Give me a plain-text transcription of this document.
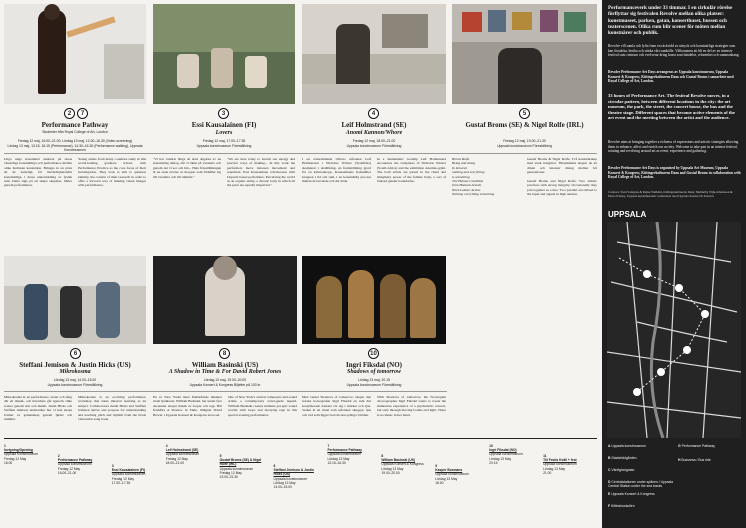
2	7	3	4	5
Performance Pathway
Studenter från Royal College of Art, London
Essi Kausalainen (FI)
Lovers
Leif Holmstrand (SE)
Anomi Kannon/Whore
Gustaf Broms (SE) & Nigel Rolfe (IRL)
Fredag 12 maj, 16.00–21.00; Lördag 13 maj, 12.00–16.30 (Video screening)
Lördag 13 maj, 13.15, 16.15 (Performance); 14.30–16.30 (Performance walking), Uppsala Konstmuseum
Fredag 12 maj, 17.00–17.35
Uppsala konstmuseum Föreställning
Fredag 12 maj, 18.00–21.00
Uppsala konstmuseum Föreställning
Fredag 12 maj, 19.00–21.30
Uppsala konstmuseum Föreställning
Unga unga konstnärer studerar på deras väsentliga konstnärliga och performance mellan olika Kulturen konstnärer. Bringas in en plats att de naturligt, för likvärdighetsfulla konstnärliga, i deras undersökning av fysisk rum. Detta sägs på att skapa skapelse, bilder genom performance.
Young artists from many countries study in this world-leading graduate school, with Performance Practice as the core focus of their investigation. They look to aim to question identity, the context of their research in order to offer a forward way of making visual images with performance.
"Vi har vandrat längs de sista dagarna av en konstnärlig dialog, där vi tänkt på varandra och genom det vi ser och hör... Hela föreställningen är en enda rörelse av kroppar som förhåller sig till varandra och till rummet."
"We are here today to stretch our energy and practice ways of making... In this work the performers move between movement and repetition. Essi Kausalainen collaborates with Uppsala based performers. Perceiving the world as an organic entity, a chaotic body in which all the parts are equally important."
I en scharamänisk tillvaro utforskar Leif Holmstrand i Nicholas Wicker (Sydafrika) skulpturer i utställning, en framställning gjord för en kvinnokropp. Kausalainens framställer kroppen i tid och rum, i en konstnärlig process mellan det levande och det döda.
In a shamanistic worship Leif Holmstrand encounters the sculptures of Nicholas Wicker (South Africa) and the exhibition Anomia-syphi. The both artists are joined in the ritual and imaginary power of the female body, a sort of blurred gender boundaries.
Broms Rolfe
Being and doing
In between
nothing and everything
is something
The Human Condition
from Hannah Arendt
Work Labour Action
Nothing everything something
Gustaf Broms & Nigel Rolfe. Två konstnärskap med stark integritet. Tillsammans skapar de en direkt och intensiv dialog mellan två generationer.

Gustaf Broms and Nigel Rolfe. Two artistic practices with strong integrity. Occasionally they join together as a duo. Two parallel acts mixed to the input and appeal in high tension.
6	8	10
Steffani Jemison & Justin Hicks (US)
Mikrokosma
William Basinski (US)
A Shadow in Time & For David Robert Jones
Ingri Fiksdal (NO)
Shadows of tomorrow
Lördag 13 maj, 14.00–15.00
Uppsala konstmuseum Föreställning
Lördag 13 maj, 19.00–20.00
Uppsala Konsert & Kongress Biljetter på 100 kr
Lördag 13 maj, 20.15
Uppsala konstmuseum Föreställning
Mikrokosma är en performance, teater och sång där ett musik- och körarbete går igenom olika scener genom text och musik. Justin Hicks och Steffani Jemison undersöker hur vi kan skapa former av gemenskap genom ljudet och rummet.
Mikrokosma is an evolving performance workshop that takes musical learning as its subject. Collaborators Justin Hicks and Steffani Jemison derive and propose for understanding and teaching pitch and rhythm from the black vernacular song book.
En av New Yorks mest framstående musiker inom ljudkonst, William Basinski, har under fyra decennier skapat musik av loopar och tejp. Här framförs A Shadow in Time, tillägnat David Bowie, i Uppsala Konsert & Kongress stora sal.
One of New York's central composers and sound artists, a contemporary avant-garde legend. William Basinski creates intimate yet epic sound worlds with loops and decaying tape in this special evening performance.
Med verket Shadows of tomorrow, skapar den norska koreografen Ingri Fiksdal en rum där kostymerade dansare rör sig i mörker och ljus. Verket är en ritual som utforskar skuggor, ljus och vad som ligger bortom den synliga världen.
With Shadows of tomorrow, the Norwegian choreographer Ingri Fiksdal wants to create the immersive experience of a psychedelic concert, but only through moving bodies and light. There is no music in her hand.
1
Invigning/Opening
Uppsala Konstmuseum
Fredag 12 May
16.00
2
Performance Pathway
Uppsala konstmuseum
Fredag 12 May
16.00–21.00
3
Essi Kausalainen (FI)
Uppsala konstmuseum
Fredag 12 May
17.00–17.35
4
Leif Holmstrand (SE)
Uppsala konstmuseum
Fredag 12 May
18.00–21.00
5
Gustaf Broms (SE) & Nigel Rolfe (IRL)
Uppsala konstmuseum
Fredag 12 May
19.00–21.30
6
Steffani Jemison & Justin Hicks (US)
Uppsala konstmuseum
Lördag 13 May
14.00–15.00
7
Performance Pathway
Uppsala konstmuseum
Lördag 13 May
13.15–16.30
8
William Basinski (US)
Uppsala Konsert & Kongress
Lördag 13 May
19.00–20.00
9
Kasper Bosmans
Uppsala konstmuseum
Lördag 13 May
18.00
10
Ingri Fiksdal (NO)
Uppsala konstmuseum
Lördag 13 May
20.15
11
Till Festis Kväll + fest
Uppsala konstmuseum
Lördag 13 May
21.00
Performanceverk under 33 timmar. I en cirkulär rörelse förflyttar sig festivalen Revolve mellan olika platser: konstmuseet, parken, gatan, konserthuset, bussen och teaterscenen. Olika rum blir scener för möten mellan konstnärer och publik.
Revolve vill samla och lyfta fram en räckvidd av uttryck och konstnärliga strategier som kan förstärka, berika och stärka vårt samhälle. Välkommen att bli en del av en intensiv festival som centrum och evolverar kring konst som händelse, erfarenhet och sammanhang.
Revolve Performance Art Days arrangeras av Uppsala konstmuseum, Uppsala Konsert & Kongress, Kittingerkulturens Dans och Gustaf Broms i samarbete med Royal College of Art, London.
33 hours of Performance Art. The festival Revolve moves, in a circular pattern, between different locations in the city: the art museum, the park, the street, the concert house, the bus and the theatre stage. Different spaces that become active elements of the art event and the meeting between the artist and the audience.
Revolve aims at bringing together a richness of expressions and artistic strategies allowing them to enhance, affect and enrich our society. Welcome to take part in an intense festival, rotating and revolving around art as event, experience and gathering.
Revolve Performance Art Days is organized by Uppsala Art Museum, Uppsala Konsert & Kongress, Kittingerkulturens Dans and Gustaf Broms in collaboration with Royal College of Art, London.
Curators: Terri Salagren & Rajku Walhöm, Kittingerkulturens Dans; Malmöby Wijk-Johansson & Pietro Kiroky, Uppsala konstmuseum i samarbete med Uppsala Konsert & Konsert
UPPSALA
A Uppsala konstmuseum
B Stadsträdgården
C Vänitghargatan
D Centralstationen under spånen / Uppsala Central Station under the sea tracks
E Uppsala Konsert & Kongress
F Kittinshuskullen
G Performance Pathway
H Bussresa / Bus ride
